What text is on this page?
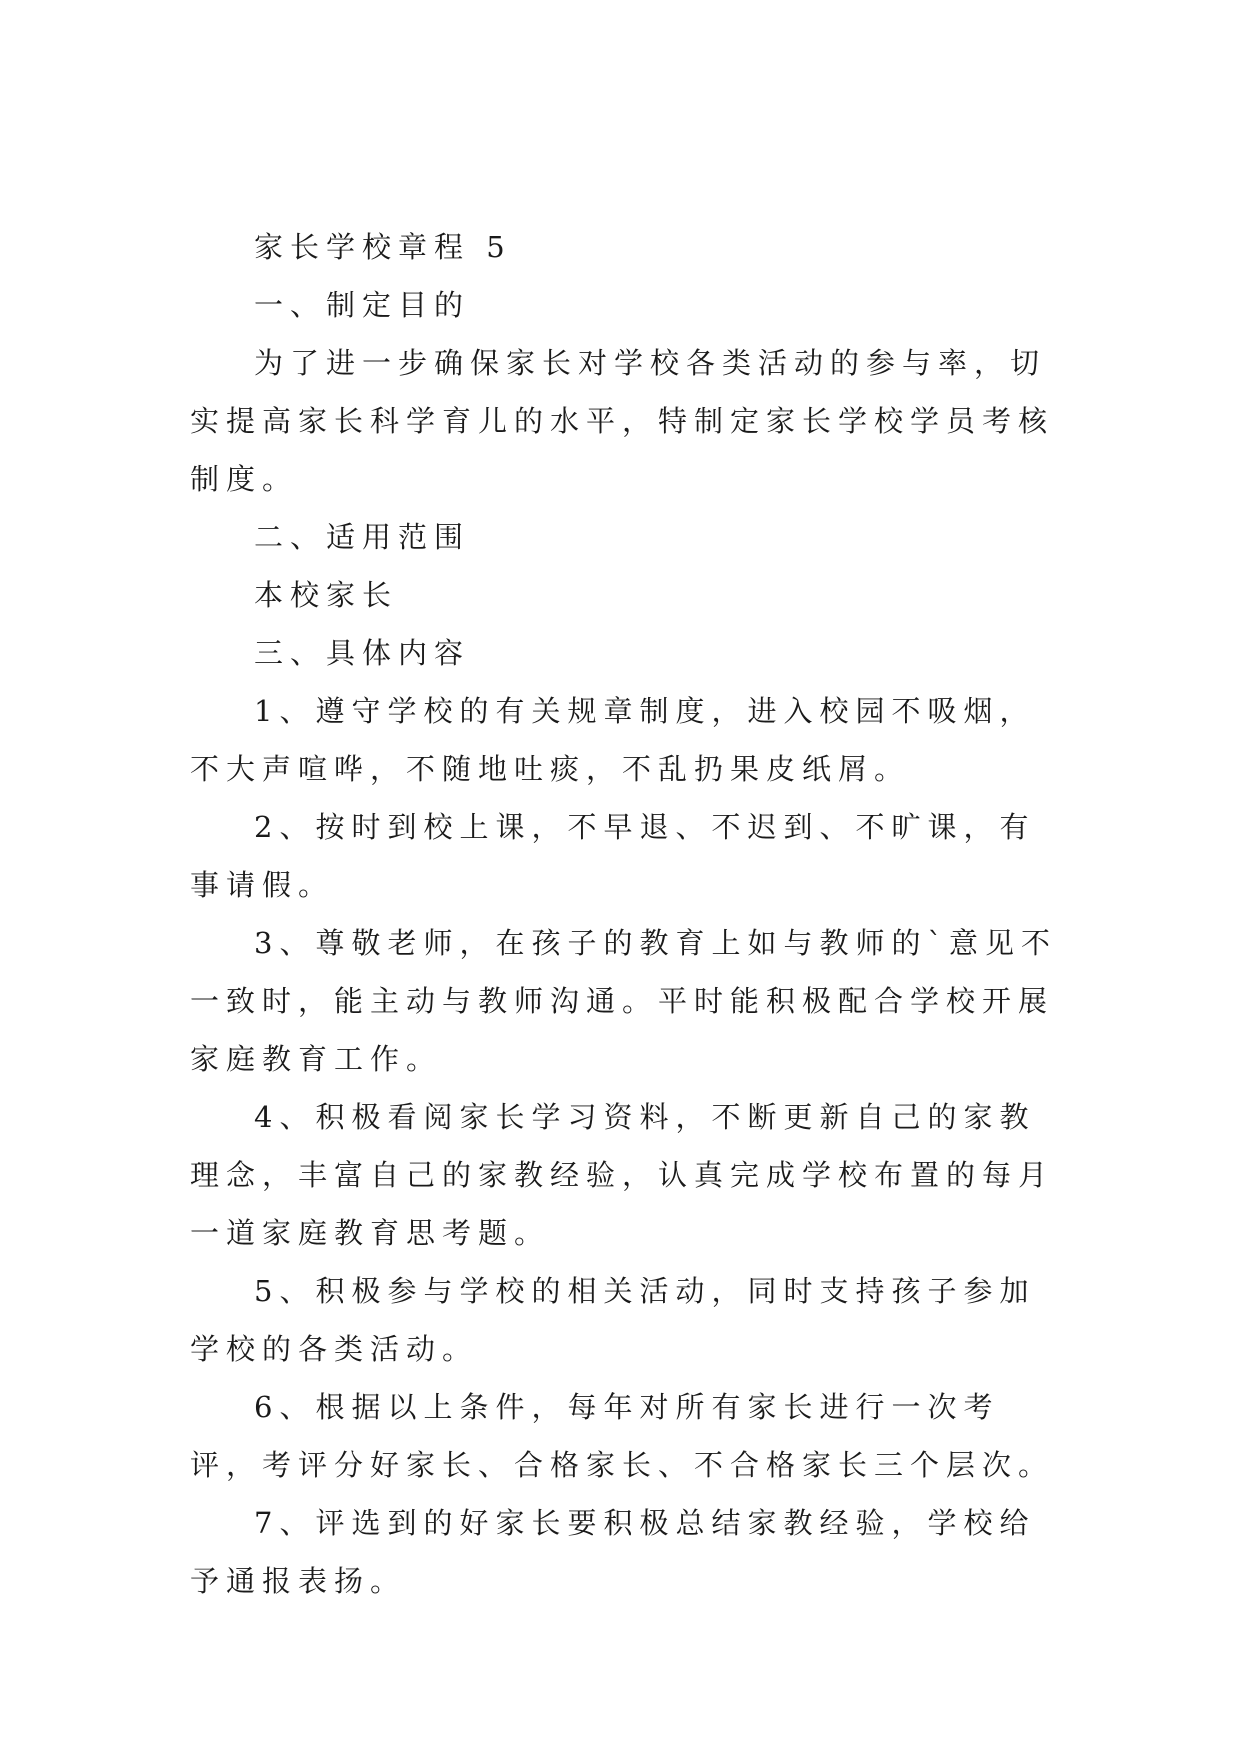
家长学校章程 5

一、制定目的

为了进一步确保家长对学校各类活动的参与率，切实提高家长科学育儿的水平，特制定家长学校学员考核制度。

二、适用范围

本校家长

三、具体内容

1、遵守学校的有关规章制度，进入校园不吸烟，不大声喧哗，不随地吐痰，不乱扔果皮纸屑。

2、按时到校上课，不早退、不迟到、不旷课，有事请假。

3、尊敬老师，在孩子的教育上如与教师的`意见不一致时，能主动与教师沟通。平时能积极配合学校开展家庭教育工作。

4、积极看阅家长学习资料，不断更新自己的家教理念，丰富自己的家教经验，认真完成学校布置的每月一道家庭教育思考题。

5、积极参与学校的相关活动，同时支持孩子参加学校的各类活动。

6、根据以上条件，每年对所有家长进行一次考评，考评分好家长、合格家长、不合格家长三个层次。

7、评选到的好家长要积极总结家教经验，学校给予通报表扬。
